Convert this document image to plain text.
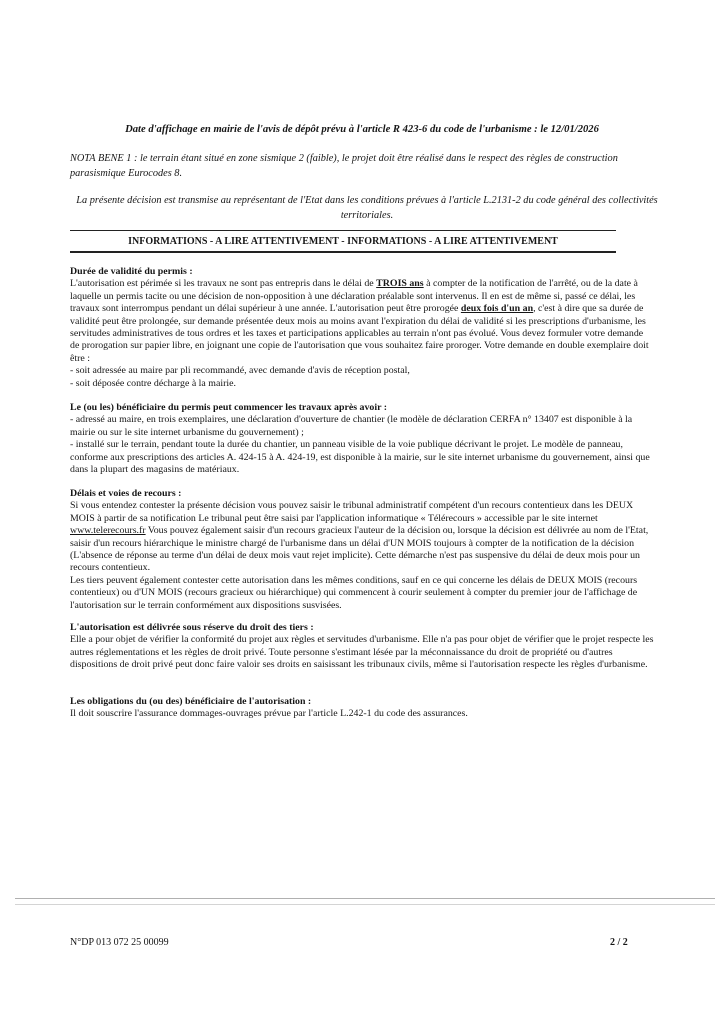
Date d'affichage en mairie de l'avis de dépôt prévu à l'article R 423-6 du code de l'urbanisme : le 12/01/2026
NOTA BENE 1 : le terrain étant situé en zone sismique 2 (faible), le projet doit être réalisé dans le respect des règles de construction parasismique Eurocodes 8.
La présente décision est transmise au représentant de l'Etat dans les conditions prévues à l'article L.2131-2 du code général des collectivités territoriales.
INFORMATIONS - A LIRE ATTENTIVEMENT - INFORMATIONS - A LIRE ATTENTIVEMENT

Durée de validité du permis :

L'autorisation est périmée si les travaux ne sont pas entrepris dans le délai de TROIS ans à compter de la notification de l'arrêté, ou de la date à laquelle un permis tacite ou une décision de non-opposition à une déclaration préalable sont intervenus. Il en est de même si, passé ce délai, les travaux sont interrompus pendant un délai supérieur à une année. L'autorisation peut être prorogée deux fois d'un an, c'est à dire que sa durée de validité peut être prolongée, sur demande présentée deux mois au moins avant l'expiration du délai de validité si les prescriptions d'urbanisme, les servitudes administratives de tous ordres et les taxes et participations applicables au terrain n'ont pas évolué. Vous devez formuler votre demande de prorogation sur papier libre, en joignant une copie de l'autorisation que vous souhaitez faire proroger. Votre demande en double exemplaire doit être :

- soit adressée au maire par pli recommandé, avec demande d'avis de réception postal,

- soit déposée contre décharge à la mairie.

Le (ou les) bénéficiaire du permis peut commencer les travaux après avoir :

- adressé au maire, en trois exemplaires, une déclaration d'ouverture de chantier (le modèle de déclaration CERFA n° 13407 est disponible à la mairie ou sur le site internet urbanisme du gouvernement) ;

- installé sur le terrain, pendant toute la durée du chantier, un panneau visible de la voie publique décrivant le projet. Le modèle de panneau, conforme aux prescriptions des articles A. 424-15 à A. 424-19, est disponible à la mairie, sur le site internet urbanisme du gouvernement, ainsi que dans la plupart des magasins de matériaux.

Délais et voies de recours :

Si vous entendez contester la présente décision vous pouvez saisir le tribunal administratif compétent d'un recours contentieux dans les DEUX MOIS à partir de sa notification Le tribunal peut être saisi par l'application informatique « Télérecours » accessible par le site internet www.telerecours.fr Vous pouvez également saisir d'un recours gracieux l'auteur de la décision ou, lorsque la décision est délivrée au nom de l'Etat, saisir d'un recours hiérarchique le ministre chargé de l'urbanisme dans un délai d'UN MOIS toujours à compter de la notification de la décision (L'absence de réponse au terme d'un délai de deux mois vaut rejet implicite). Cette démarche n'est pas suspensive du délai de deux mois pour un recours contentieux.

Les tiers peuvent également contester cette autorisation dans les mêmes conditions, sauf en ce qui concerne les délais de DEUX MOIS (recours contentieux) ou d'UN MOIS (recours gracieux ou hiérarchique) qui commencent à courir seulement à compter du premier jour de l'affichage de l'autorisation sur le terrain conformément aux dispositions susvisées.

L'autorisation est délivrée sous réserve du droit des tiers :

Elle a pour objet de vérifier la conformité du projet aux règles et servitudes d'urbanisme. Elle n'a pas pour objet de vérifier que le projet respecte les autres réglementations et les règles de droit privé. Toute personne s'estimant lésée par la méconnaissance du droit de propriété ou d'autres dispositions de droit privé peut donc faire valoir ses droits en saisissant les tribunaux civils, même si l'autorisation respecte les règles d'urbanisme.

Les obligations du (ou des) bénéficiaire de l'autorisation :

Il doit souscrire l'assurance dommages-ouvrages prévue par l'article L.242-1 du code des assurances.

N°DP 013 072 25 00099	2 / 2
